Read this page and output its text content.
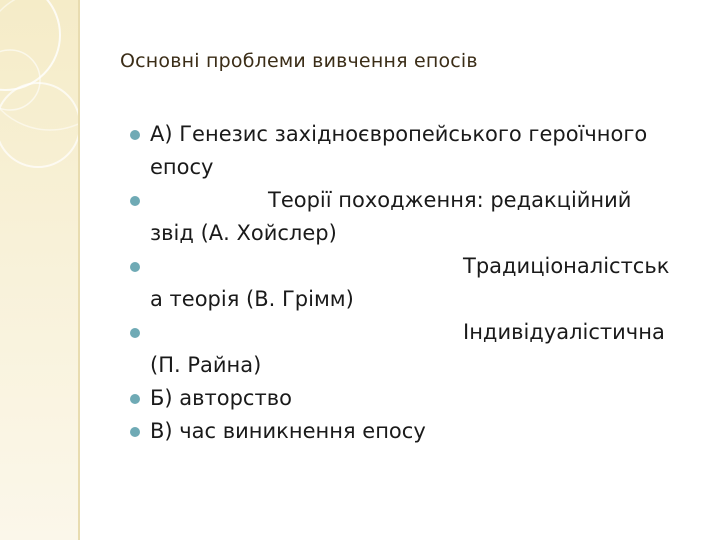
Основні проблеми вивчення епосів
А) Генезис західноєвропейського героїчного
епосу
Теорії походження: редакційний
звід (А. Хойслер)
Традиціоналістськ
а теорія (В. Грімм)
Індивідуалістична
(П. Райна)
Б) авторство
В) час виникнення епосу
